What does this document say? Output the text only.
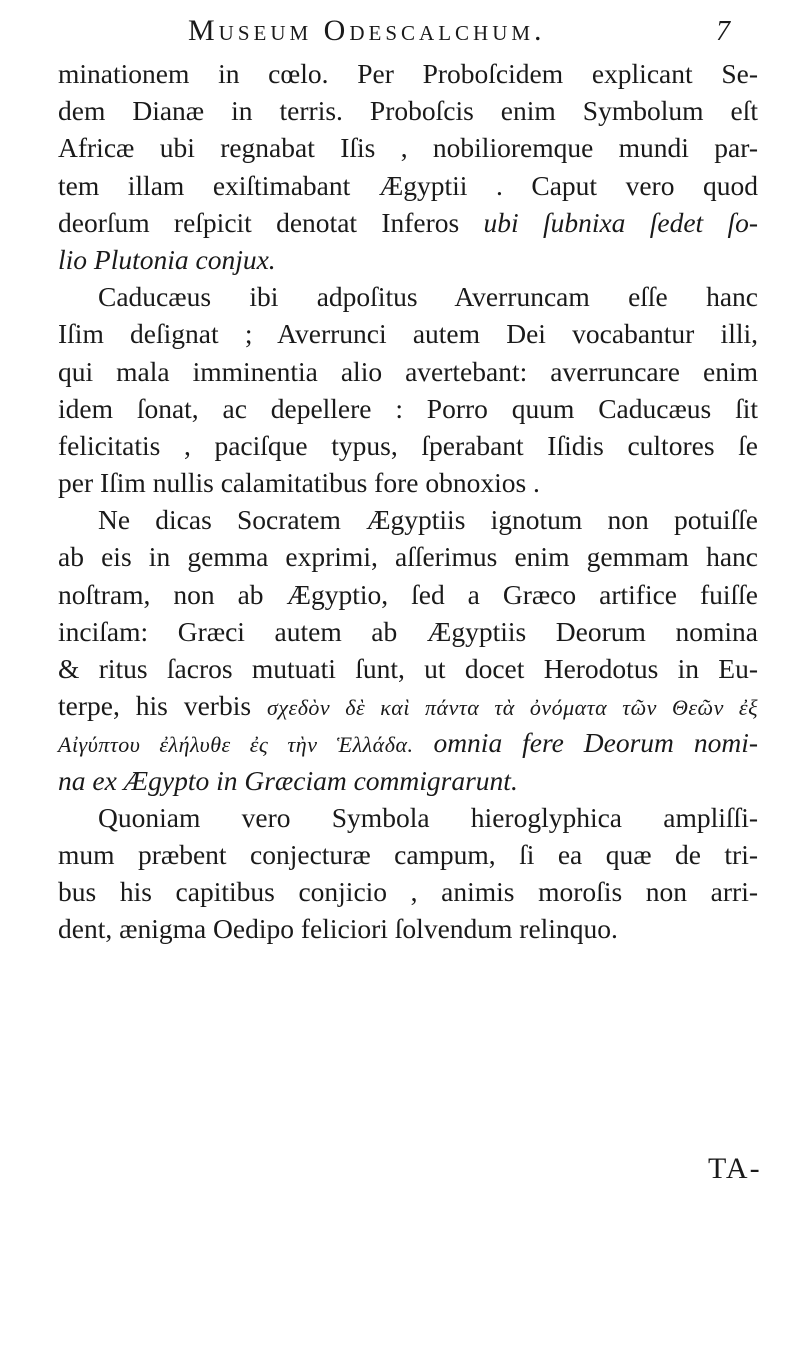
Museum Odescalchum.	7
minationem in cœlo. Per Proboſcidem explicant Se-
dem Dianæ in terris. Proboſcis enim Symbolum eſt
Africæ ubi regnabat Iſis , nobilioremque mundi par-
tem illam exiſtimabant Ægyptii . Caput vero quod
deorſum reſpicit denotat Inferos ubi ſubnixa ſedet ſo-
lio Plutonia conjux.
Caducæus ibi adpoſitus Averruncam eſſe hanc
Iſim deſignat ; Averrunci autem Dei vocabantur illi,
qui mala imminentia alio avertebant: averruncare enim
idem ſonat, ac depellere : Porro quum Caducæus ſit
felicitatis , paciſque typus, ſperabant Iſidis cultores ſe
per Iſim nullis calamitatibus fore obnoxios .
Ne dicas Socratem Ægyptiis ignotum non potuiſſe
ab eis in gemma exprimi, aſſerimus enim gemmam hanc
noſtram, non ab Ægyptio, ſed a Græco artifice fuiſſe
inciſam: Græci autem ab Ægyptiis Deorum nomina
& ritus ſacros mutuati ſunt, ut docet Herodotus in Eu-
terpe, his verbis σχεδὸν δὲ καὶ πάντα τὰ ὀνόματα τῶν Θεῶν ἐξ
Αἰγύπτου ἐλήλυθε ἐς τὴν Ἑλλάδα. omnia fere Deorum nomi-
na ex Ægypto in Græciam commigrarunt.
Quoniam vero Symbola hieroglyphica ampliſſi-
mum præbent conjecturæ campum, ſi ea quæ de tri-
bus his capitibus conjicio , animis moroſis non arri-
dent, ænigma Oedipo feliciori ſolvendum relinquo.
TA-
